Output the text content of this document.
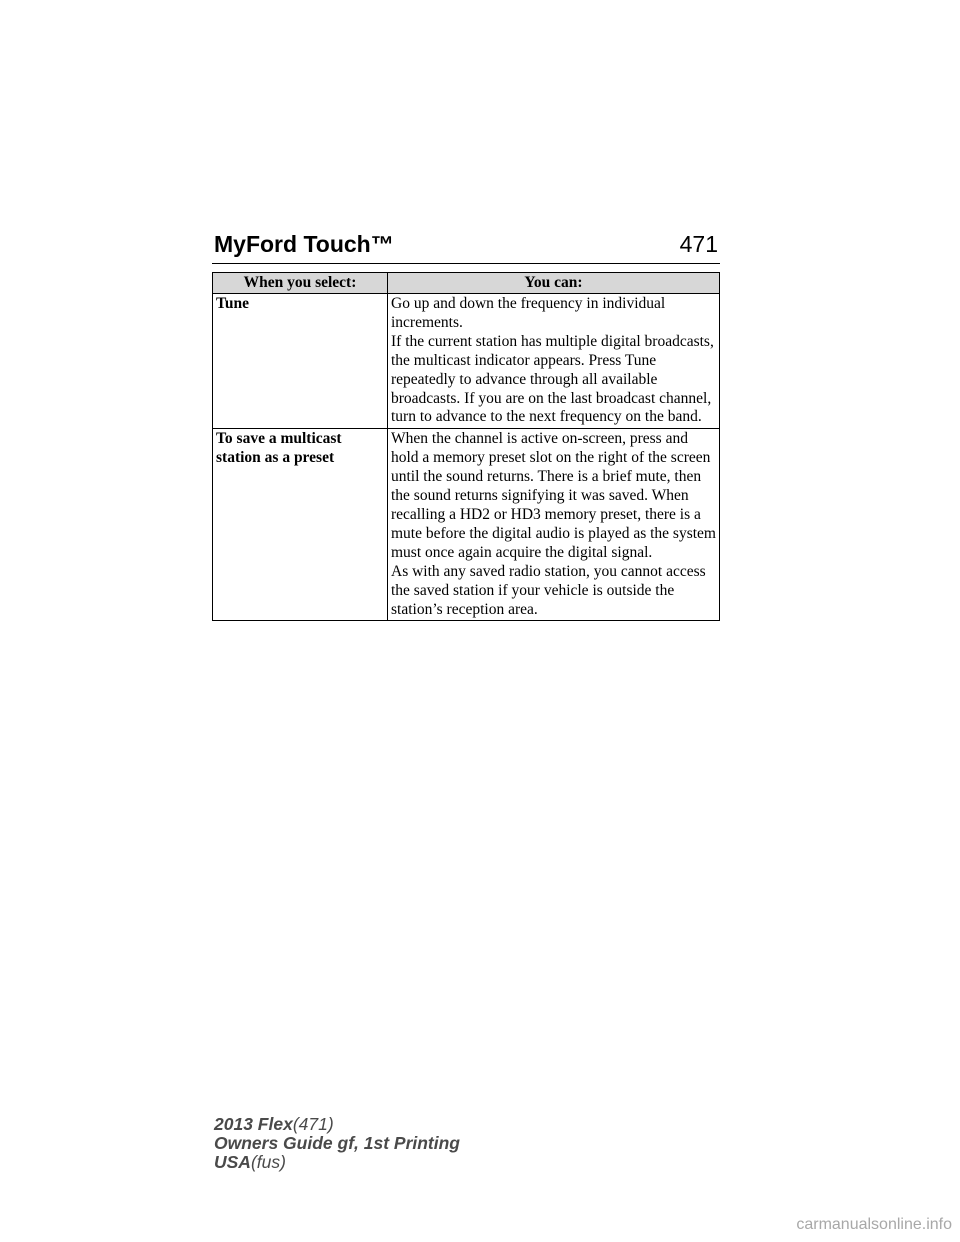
MyFord Touch™	471
When you select:	You can:
Tune	Go up and down the frequency in individual increments.
If the current station has multiple digital broadcasts, the multicast indicator appears. Press Tune repeatedly to advance through all available broadcasts. If you are on the last broadcast channel, turn to advance to the next frequency on the band.

To save a multicast station as a preset	When the channel is active on-screen, press and hold a memory preset slot on the right of the screen until the sound returns. There is a brief mute, then the sound returns signifying it was saved. When recalling a HD2 or HD3 memory preset, there is a mute before the digital audio is played as the system must once again acquire the digital signal.
As with any saved radio station, you cannot access the saved station if your vehicle is outside the station’s reception area.
2013 Flex(471)
Owners Guide gf, 1st Printing
USA(fus)
carmanualsonline.info
